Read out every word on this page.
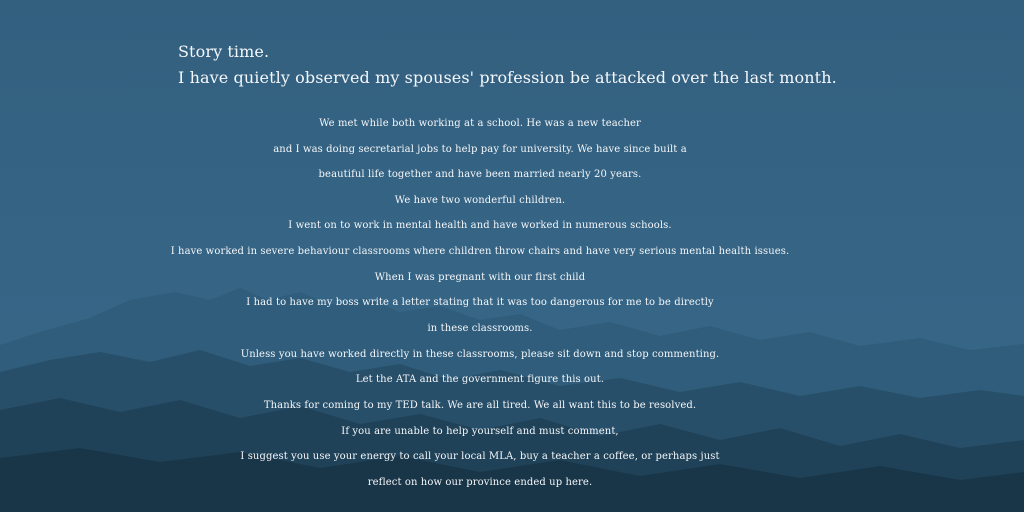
Story time.
I have quietly observed my spouses' profession be attacked over the last month.
We met while both working at a school. He was a new teacher
and I was doing secretarial jobs to help pay for university. We have since built a
beautiful life together and have been married nearly 20 years.
We have two wonderful children.
I went on to work in mental health and have worked in numerous schools.
I have worked in severe behaviour classrooms where children throw chairs and have very serious mental health issues.
When I was pregnant with our first child
I had to have my boss write a letter stating that it was too dangerous for me to be directly
in these classrooms.
Unless you have worked directly in these classrooms, please sit down and stop commenting.
Let the ATA and the government figure this out.
Thanks for coming to my TED talk. We are all tired. We all want this to be resolved.
If you are unable to help yourself and must comment,
I suggest you use your energy to call your local MLA, buy a teacher a coffee, or perhaps just
reflect on how our province ended up here.
